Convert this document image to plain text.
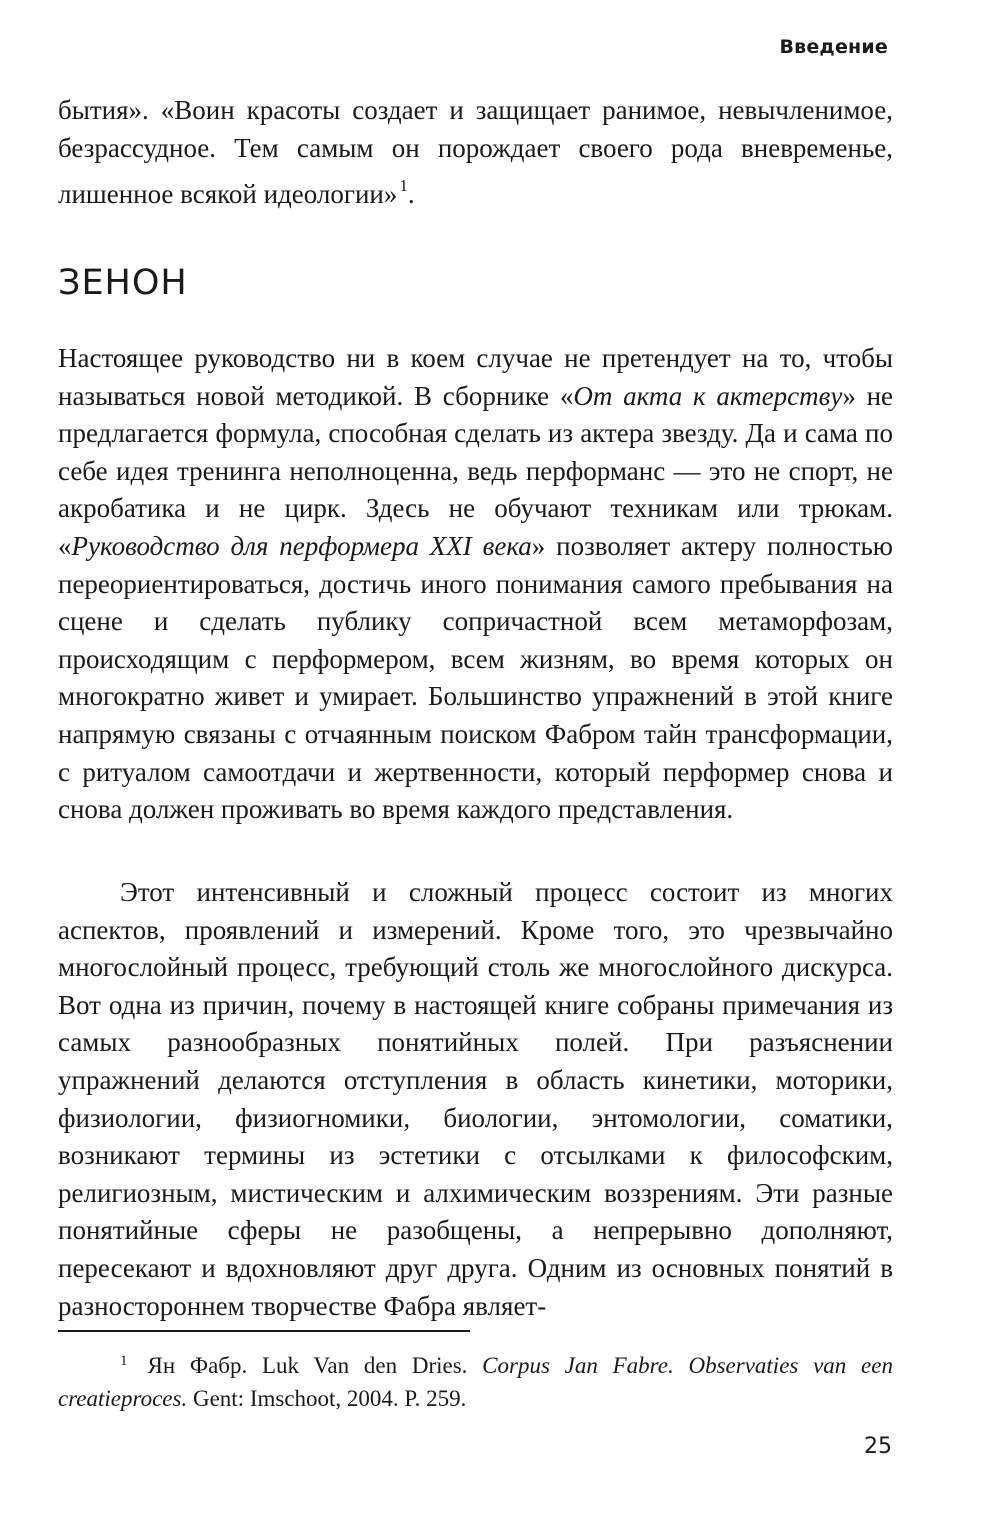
Введение

бытия». «Воин красоты создает и защищает ранимое, невычленимое, безрассудное. Тем самым он порождает своего рода вневременье, лишенное всякой идеологии» $^1$.

ЗЕНОН

Настоящее руководство ни в коем случае не претендует на то, чтобы называться новой методикой. В сборнике «От акта к актерству» не предлагается формула, способная сделать из актера звезду. Да и сама по себе идея тренинга неполноценна, ведь перформанс — это не спорт, не акробатика и не цирк. Здесь не обучают техникам или трюкам. «Руководство для перформера XXI века» позволяет актеру полностью переориентироваться, достичь иного понимания самого пребывания на сцене и сделать публику сопричастной всем метаморфозам, происходящим с перформером, всем жизням, во время которых он многократно живет и умирает. Большинство упражнений в этой книге напрямую связаны с отчаянным поиском Фабром тайн трансформации, с ритуалом самоотдачи и жертвенности, который перформер снова и снова должен проживать во время каждого представления.

Этот интенсивный и сложный процесс состоит из многих аспектов, проявлений и измерений. Кроме того, это чрезвычайно многослойный процесс, требующий столь же многослойного дискурса. Вот одна из причин, почему в настоящей книге собраны примечания из самых разнообразных понятийных полей. При разъяснении упражнений делаются отступления в область кинетики, моторики, физиологии, физиогномики, биологии, энтомологии, соматики, возникают термины из эстетики с отсылками к философским, религиозным, мистическим и алхимическим воззрениям. Эти разные понятийные сферы не разобщены, а непрерывно дополняют, пересекают и вдохновляют друг друга. Одним из основных понятий в разностороннем творчестве Фабра являет-

$^1$ Ян Фабр. Luk Van den Dries. Corpus Jan Fabre. Observaties van een creatieproces. Gent: Imschoot, 2004. P. 259.

25
